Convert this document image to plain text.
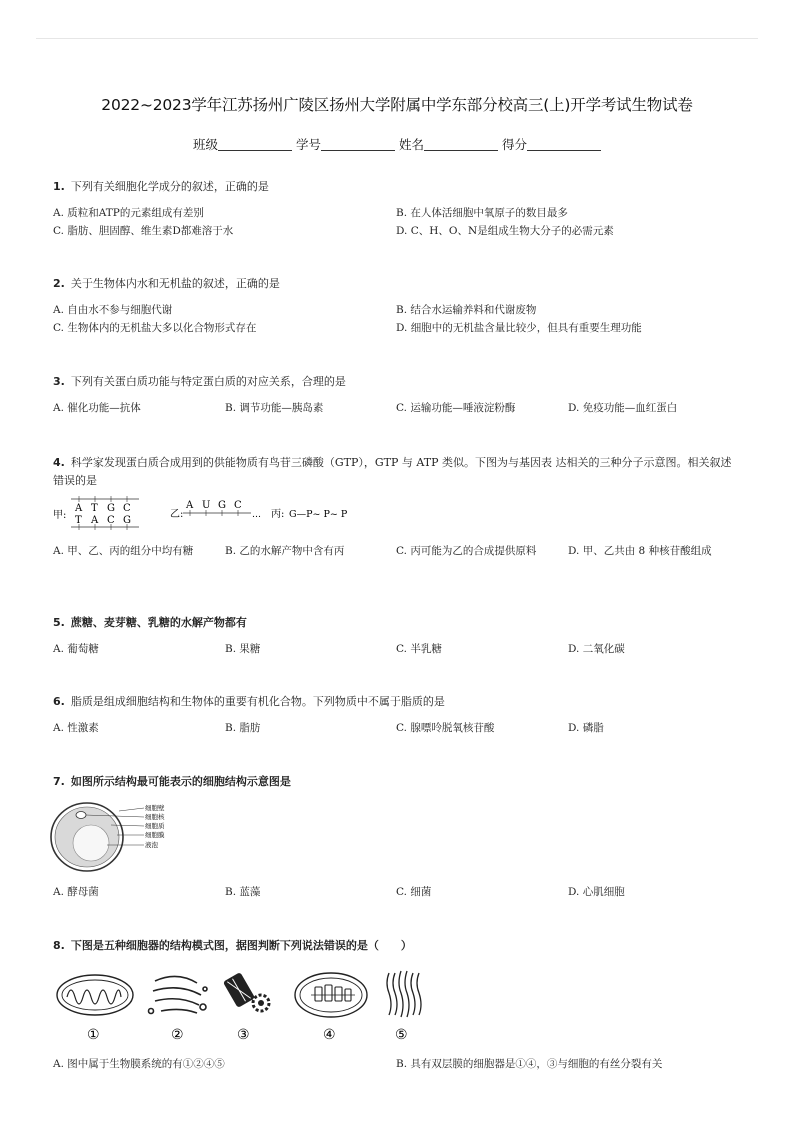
2022~2023学年江苏扬州广陵区扬州大学附属中学东部分校高三(上)开学考试生物试卷
班级	学号	姓名	得分
1. 下列有关细胞化学成分的叙述，正确的是
A. 质粒和ATP的元素组成有差别	B. 在人体活细胞中氧原子的数目最多
C. 脂肪、胆固醇、维生素D都难溶于水	D. C、H、O、N是组成生物大分子的必需元素
2. 关于生物体内水和无机盐的叙述，正确的是
A. 自由水不参与细胞代谢	B. 结合水运输养料和代谢废物
C. 生物体内的无机盐大多以化合物形式存在	D. 细胞中的无机盐含量比较少，但具有重要生理功能
3. 下列有关蛋白质功能与特定蛋白质的对应关系，合理的是
A. 催化功能—抗体	B. 调节功能—胰岛素	C. 运输功能—唾液淀粉酶	D. 免疫功能—血红蛋白
4. 科学家发现蛋白质合成用到的供能物质有鸟苷三磷酸（GTP），GTP 与 ATP 类似。下图为与基因表 达相关的三种分子示意图。相关叙述错误的是
甲:
A T G C
T A C G
乙:
A U G C
… 丙: G—P~ P~ P
A. 甲、乙、丙的组分中均有糖	B. 乙的水解产物中含有丙	C. 丙可能为乙的合成提供原料	D. 甲、乙共由 8 种核苷酸组成
5. 蔗糖、麦芽糖、乳糖的水解产物都有
A. 葡萄糖	B. 果糖	C. 半乳糖	D. 二氧化碳
6. 脂质是组成细胞结构和生物体的重要有机化合物。下列物质中不属于脂质的是
A. 性激素	B. 脂肪	C. 腺嘌呤脱氧核苷酸	D. 磷脂
7. 如图所示结构最可能表示的细胞结构示意图是
细胞壁
细胞核
细胞质
细胞膜
液泡
A. 酵母菌	B. 蓝藻	C. 细菌	D. 心肌细胞
8. 下图是五种细胞器的结构模式图，据图判断下列说法错误的是（　　）
①	②	③	④	⑤
A. 图中属于生物膜系统的有①②④⑤	B. 具有双层膜的细胞器是①④，③与细胞的有丝分裂有关
